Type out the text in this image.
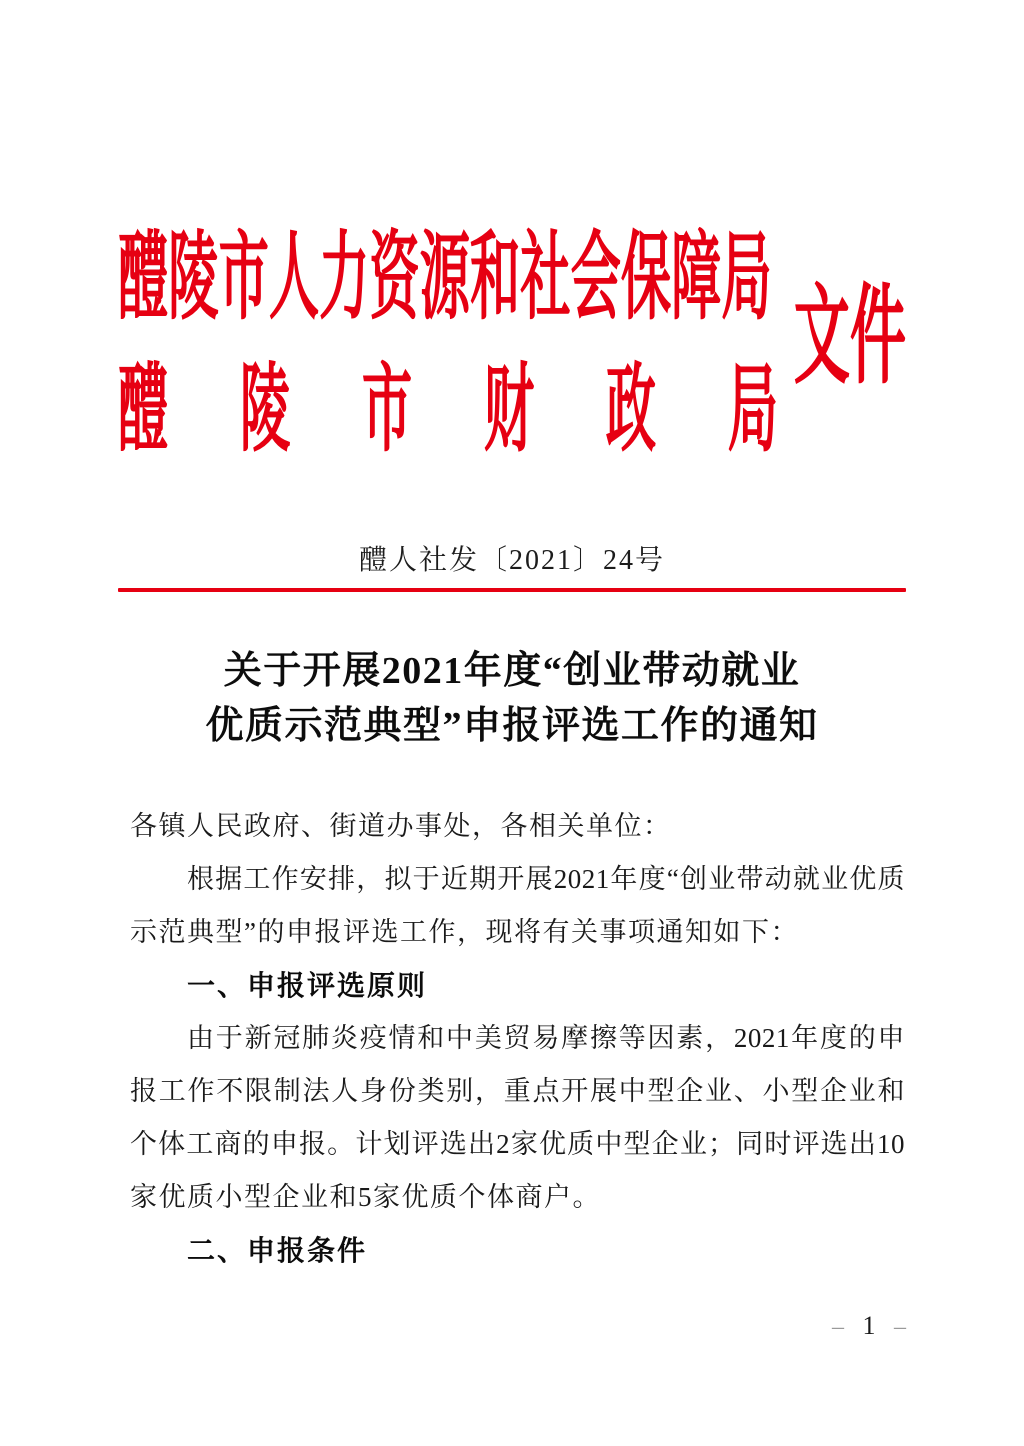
醴陵市人力资源和社会保障局
醴 陵 市 财 政 局
文件
醴人社发〔2021〕24号
关于开展2021年度“创业带动就业
优质示范典型”申报评选工作的通知
各镇人民政府、街道办事处，各相关单位：
根据工作安排，拟于近期开展2021年度“创业带动就业优质
示范典型”的申报评选工作，现将有关事项通知如下：
一、申报评选原则
由于新冠肺炎疫情和中美贸易摩擦等因素，2021年度的申
报工作不限制法人身份类别，重点开展中型企业、小型企业和
个体工商的申报。计划评选出2家优质中型企业；同时评选出10
家优质小型企业和5家优质个体商户。
二、申报条件
– 1 –
